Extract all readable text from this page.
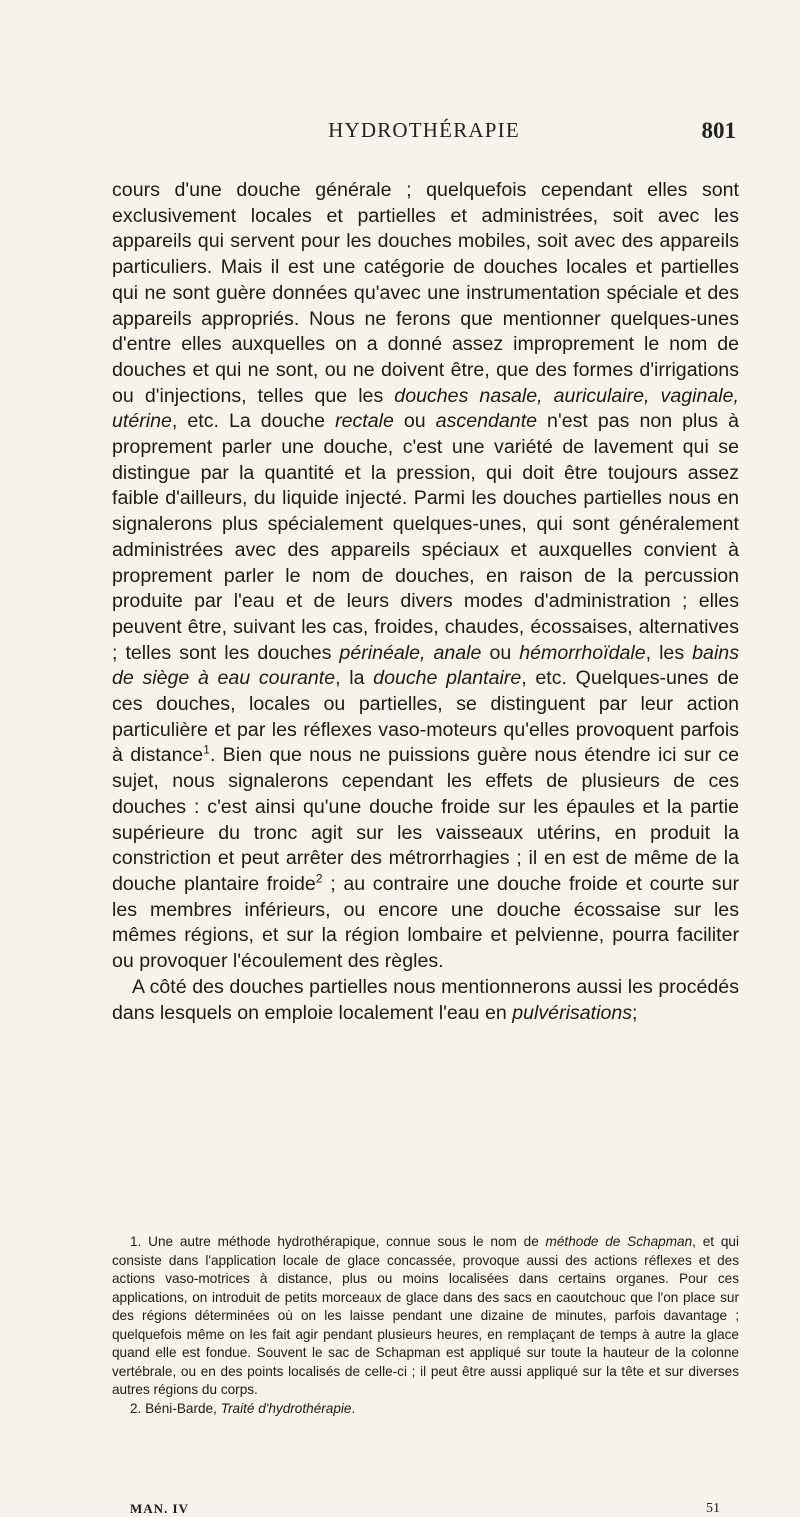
HYDROTHÉRAPIE	801

cours d'une douche générale ; quelquefois cependant elles sont exclusivement locales et partielles et administrées, soit avec les appareils qui servent pour les douches mobiles, soit avec des appareils particuliers. Mais il est une catégorie de douches locales et partielles qui ne sont guère données qu'avec une instrumentation spéciale et des appareils appropriés. Nous ne ferons que mentionner quelques-unes d'entre elles auxquelles on a donné assez improprement le nom de douches et qui ne sont, ou ne doivent être, que des formes d'irrigations ou d'injections, telles que les douches nasale, auriculaire, vaginale, utérine, etc. La douche rectale ou ascendante n'est pas non plus à proprement parler une douche, c'est une variété de lavement qui se distingue par la quantité et la pression, qui doit être toujours assez faible d'ailleurs, du liquide injecté. Parmi les douches partielles nous en signalerons plus spécialement quelques-unes, qui sont généralement administrées avec des appareils spéciaux et auxquelles convient à proprement parler le nom de douches, en raison de la percussion produite par l'eau et de leurs divers modes d'administration ; elles peuvent être, suivant les cas, froides, chaudes, écossaises, alternatives ; telles sont les douches périnéale, anale ou hémorrhoïdale, les bains de siège à eau courante, la douche plantaire, etc. Quelques-unes de ces douches, locales ou partielles, se distinguent par leur action particulière et par les réflexes vaso-moteurs qu'elles provoquent parfois à distance$^1$. Bien que nous ne puissions guère nous étendre ici sur ce sujet, nous signalerons cependant les effets de plusieurs de ces douches : c'est ainsi qu'une douche froide sur les épaules et la partie supérieure du tronc agit sur les vaisseaux utérins, en produit la constriction et peut arrêter des métrorrhagies ; il en est de même de la douche plantaire froide$^2$ ; au contraire une douche froide et courte sur les membres inférieurs, ou encore une douche écossaise sur les mêmes régions, et sur la région lombaire et pelvienne, pourra faciliter ou provoquer l'écoulement des règles.

A côté des douches partielles nous mentionnerons aussi les procédés dans lesquels on emploie localement l'eau en pulvérisations;

1. Une autre méthode hydrothérapique, connue sous le nom de méthode de Schapman, et qui consiste dans l'application locale de glace concassée, provoque aussi des actions réflexes et des actions vaso-motrices à distance, plus ou moins localisées dans certains organes. Pour ces applications, on introduit de petits morceaux de glace dans des sacs en caoutchouc que l'on place sur des régions déterminées où on les laisse pendant une dizaine de minutes, parfois davantage ; quelquefois même on les fait agir pendant plusieurs heures, en remplaçant de temps à autre la glace quand elle est fondue. Souvent le sac de Schapman est appliqué sur toute la hauteur de la colonne vertébrale, ou en des points localisés de celle-ci ; il peut être aussi appliqué sur la tête et sur diverses autres régions du corps.

2. Béni-Barde, Traité d'hydrothérapie.

MAN. IV	51
